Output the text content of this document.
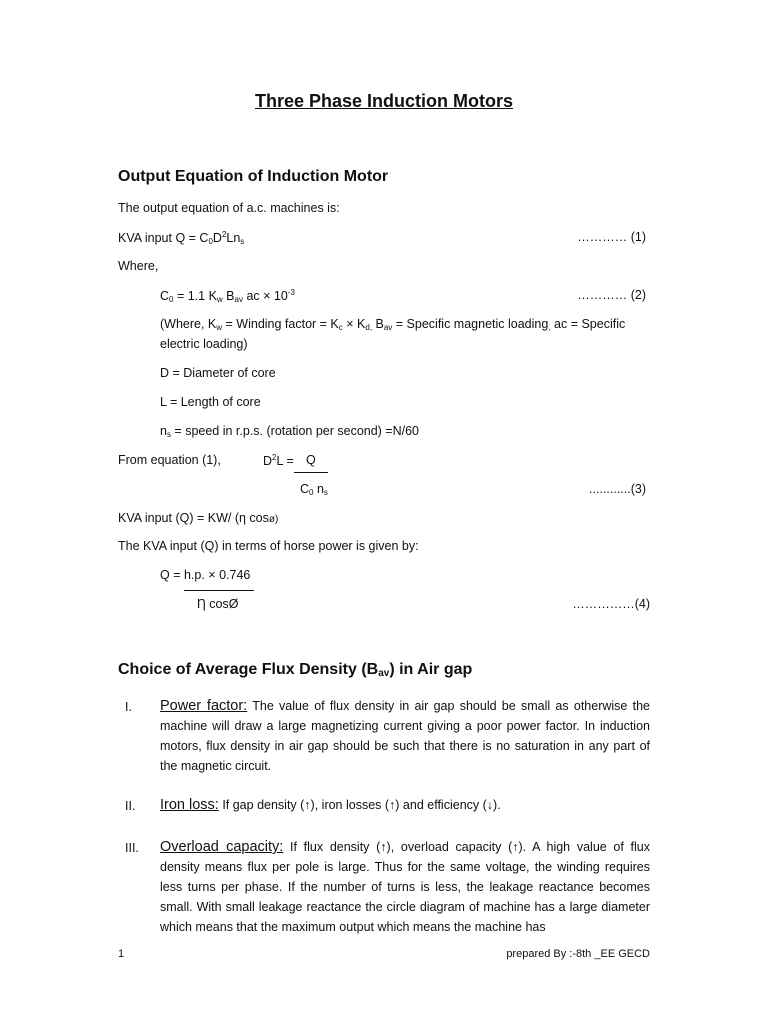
Three Phase Induction Motors
Output Equation of Induction Motor
The output equation of a.c. machines is:
KVA input $Q = C_0D^2Ln_s$	………… (1)
Where,
$C_0 = 1.1$ $K_w$ $B_{av}$ ac × $10^{-3}$	………… (2)
(Where, $K_w$ = Winding factor = $K_c \times K_{d,}$ $B_{av}$ = Specific magnetic loading$_,$ ac = Specific
electric loading)
D = Diameter of core
L = Length of core
$n_s$ = speed in r.p.s. (rotation per second) =N/60
From equation (1),	$D^2L = Q$
$C_0$ $n_s$	............(3)
KVA input (Q) = KW/ (η cosø)
The KVA input (Q) in terms of horse power is given by:
Q = h.p. × 0.746
Ƞ cosØ	……………(4)
Choice of Average Flux Density $(B_{av})$ in Air gap
I. Power factor: The value of flux density in air gap should be small as otherwise the machine will draw a large magnetizing current giving a poor power factor. In induction motors, flux density in air gap should be such that there is no saturation in any part of the magnetic circuit.
II. Iron loss: If gap density (↑), iron losses (↑) and efficiency (↓).
III. Overload capacity: If flux density (↑), overload capacity (↑). A high value of flux density means flux per pole is large. Thus for the same voltage, the winding requires less turns per phase. If the number of turns is less, the leakage reactance becomes small. With small leakage reactance the circle diagram of machine has a large diameter which means that the maximum output which means the machine has
1	prepared By :-8th _EE GECD
